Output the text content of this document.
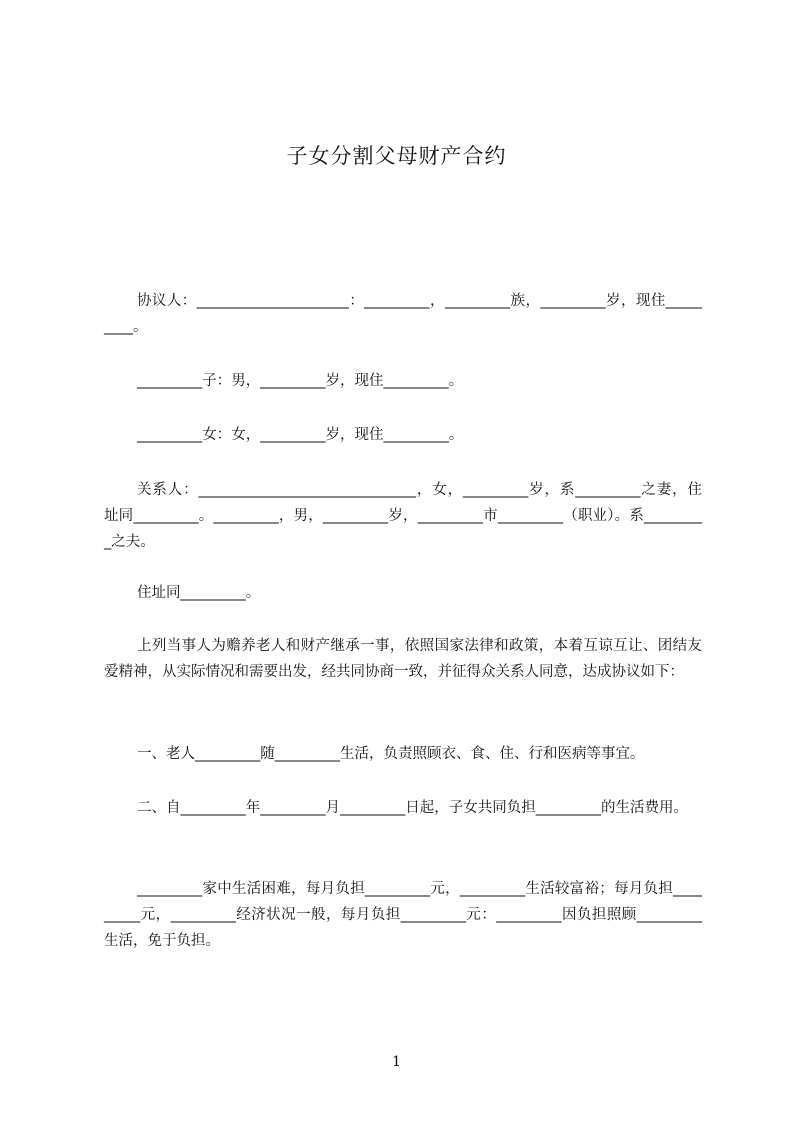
子女分割父母财产合约

协议人：_____________________：_________，_________族，_________岁，现住_________。

_________子：男，_________岁，现住_________。

_________女：女，_________岁，现住_________。

关系人：______________________________，女，_________岁，系_________之妻，住址同_________。_________，男，_________岁，_________市_________（职业）。系_________之夫。

住址同_________。

上列当事人为赡养老人和财产继承一事，依照国家法律和政策，本着互谅互让、团结友爱精神，从实际情况和需要出发，经共同协商一致，并征得众关系人同意，达成协议如下：

一、老人_________随_________生活，负责照顾衣、食、住、行和医病等事宜。

二、自_________年_________月_________日起，子女共同负担_________的生活费用。

_________家中生活困难，每月负担_________元，_________生活较富裕；每月负担_________元，_________经济状况一般，每月负担_________元：_________因负担照顾_________生活，免于负担。

1
